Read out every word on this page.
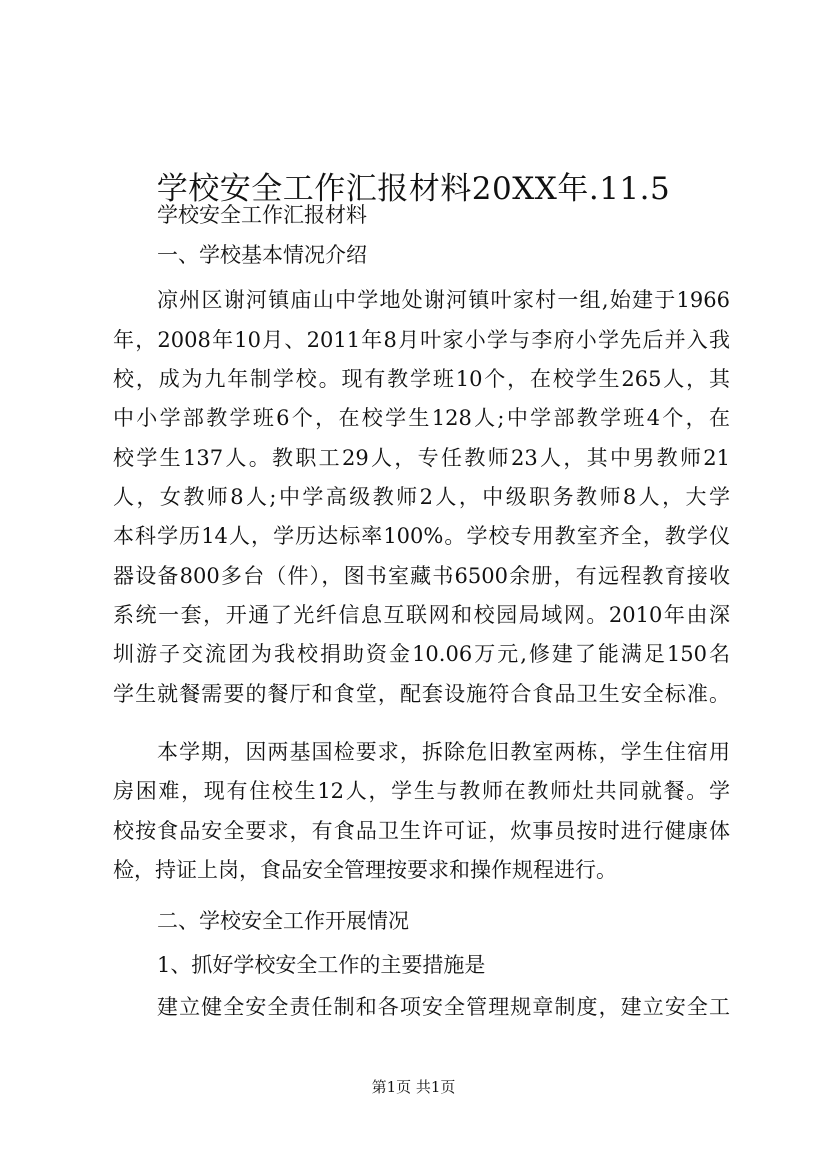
学校安全工作汇报材料20XX年.11.5
学校安全工作汇报材料
一、学校基本情况介绍
凉州区谢河镇庙山中学地处谢河镇叶家村一组,始建于1966
年，2008年10月、2011年8月叶家小学与李府小学先后并入我
校，成为九年制学校。现有教学班10个，在校学生265人，其
中小学部教学班6个，在校学生128人;中学部教学班4个，在
校学生137人。教职工29人，专任教师23人，其中男教师21
人，女教师8人;中学高级教师2人，中级职务教师8人，大学
本科学历14人，学历达标率100%。学校专用教室齐全，教学仪
器设备800多台（件），图书室藏书6500余册，有远程教育接收
系统一套，开通了光纤信息互联网和校园局域网。2010年由深
圳游子交流团为我校捐助资金10.06万元,修建了能满足150名
学生就餐需要的餐厅和食堂，配套设施符合食品卫生安全标准。
本学期，因两基国检要求，拆除危旧教室两栋，学生住宿用
房困难，现有住校生12人，学生与教师在教师灶共同就餐。学
校按食品安全要求，有食品卫生许可证，炊事员按时进行健康体
检，持证上岗，食品安全管理按要求和操作规程进行。
二、学校安全工作开展情况
1、抓好学校安全工作的主要措施是
建立健全安全责任制和各项安全管理规章制度，建立安全工
第1页 共1页
